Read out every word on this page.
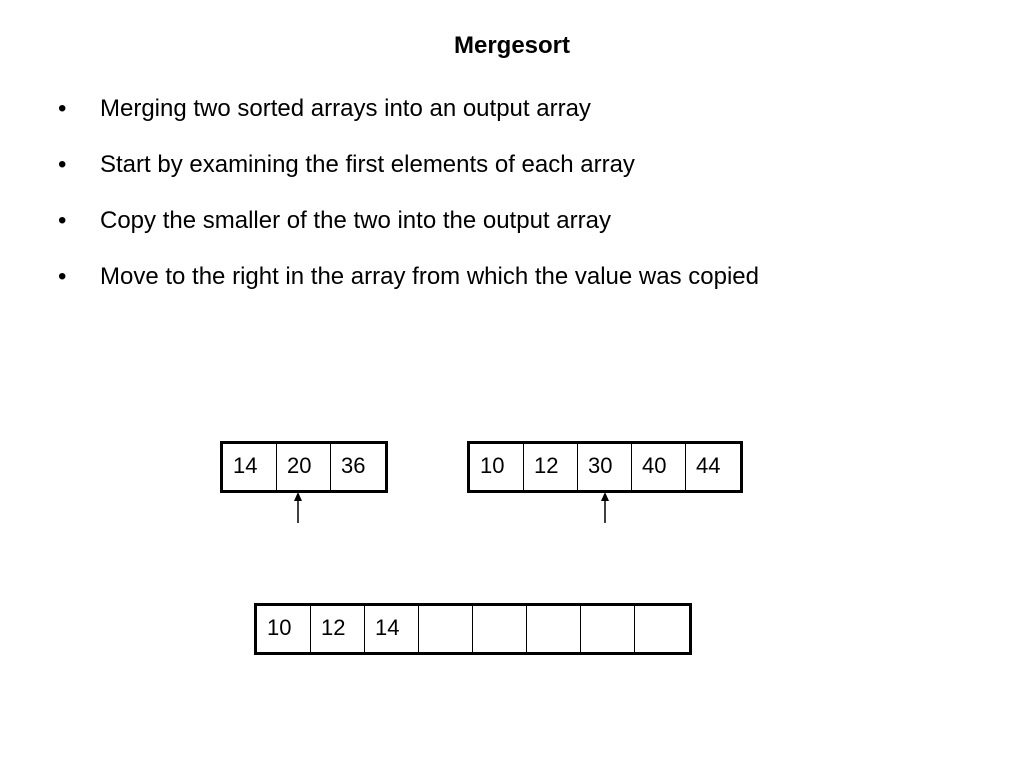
Mergesort
•	Merging two sorted arrays into an output array
•	Start by examining the first elements of each array
•	Copy the smaller of the two into the output array
•	Move to the right in the array from which the value was copied
14	20	36	10	12	30	40	44
10	12	14
